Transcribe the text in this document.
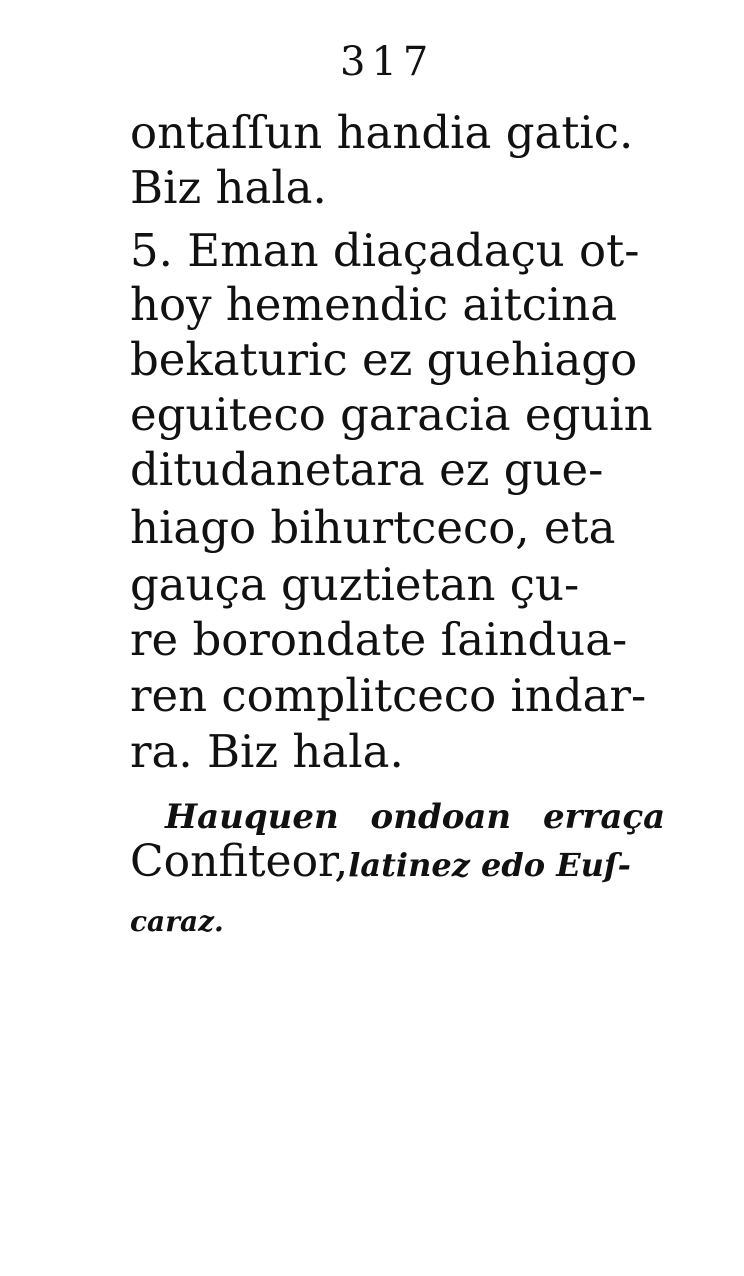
317
ontaſſun handia gatic.
Biz hala.
5. Eman diaçadaçu ot-
hoy hemendic aitcina
bekaturic ez guehiago
eguiteco garacia eguin
ditudanetara ez gue-
hiago bihurtceco, eta
gauça guztietan çu-
re borondate ſainduа-
ren complitceco indar-
ra. Biz hala.
Hauquen ondoan erraça
Confiteor,latinez edo Euſ-
caraz.
